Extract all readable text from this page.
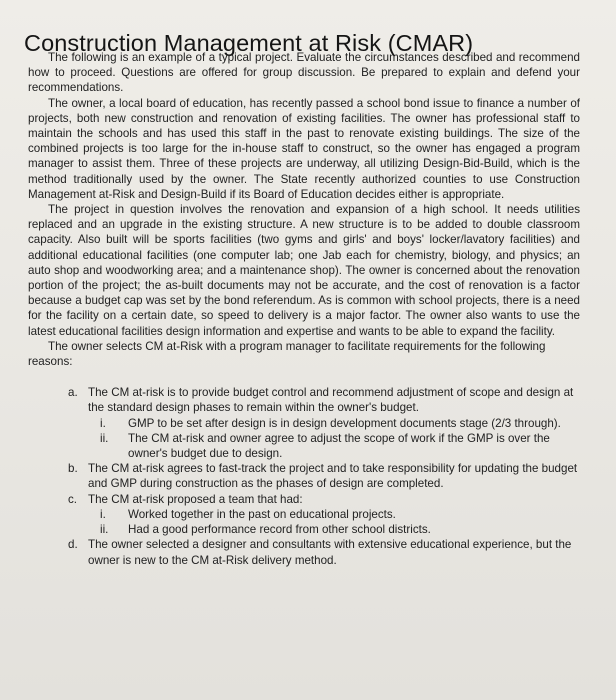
Construction Management at Risk (CMAR)

The following is an example of a typical project. Evaluate the circumstances described and recommend how to proceed. Questions are offered for group discussion. Be prepared to explain and defend your recommendations.

The owner, a local board of education, has recently passed a school bond issue to finance a number of projects, both new construction and renovation of existing facilities. The owner has professional staff to maintain the schools and has used this staff in the past to renovate existing buildings. The size of the combined projects is too large for the in-house staff to construct, so the owner has engaged a program manager to assist them. Three of these projects are underway, all utilizing Design-Bid-Build, which is the method traditionally used by the owner. The State recently authorized counties to use Construction Management at-Risk and Design-Build if its Board of Education decides either is appropriate.

The project in question involves the renovation and expansion of a high school. It needs utilities replaced and an upgrade in the existing structure. A new structure is to be added to double classroom capacity. Also built will be sports facilities (two gyms and girls' and boys' locker/lavatory facilities) and additional educational facilities (one computer lab; one Jab each for chemistry, biology, and physics; an auto shop and woodworking area; and a maintenance shop). The owner is concerned about the renovation portion of the project; the as-built documents may not be accurate, and the cost of renovation is a factor because a budget cap was set by the bond referendum. As is common with school projects, there is a need for the facility on a certain date, so speed to delivery is a major factor. The owner also wants to use the latest educational facilities design information and expertise and wants to be able to expand the facility.

The owner selects CM at-Risk with a program manager to facilitate requirements for the following reasons:

a. The CM at-risk is to provide budget control and recommend adjustment of scope and design at the standard design phases to remain within the owner's budget.
i. GMP to be set after design is in design development documents stage (2/3 through).
ii. The CM at-risk and owner agree to adjust the scope of work if the GMP is over the owner's budget due to design.
b. The CM at-risk agrees to fast-track the project and to take responsibility for updating the budget and GMP during construction as the phases of design are completed.
c. The CM at-risk proposed a team that had:
i. Worked together in the past on educational projects.
ii. Had a good performance record from other school districts.
d. The owner selected a designer and consultants with extensive educational experience, but the owner is new to the CM at-Risk delivery method.
